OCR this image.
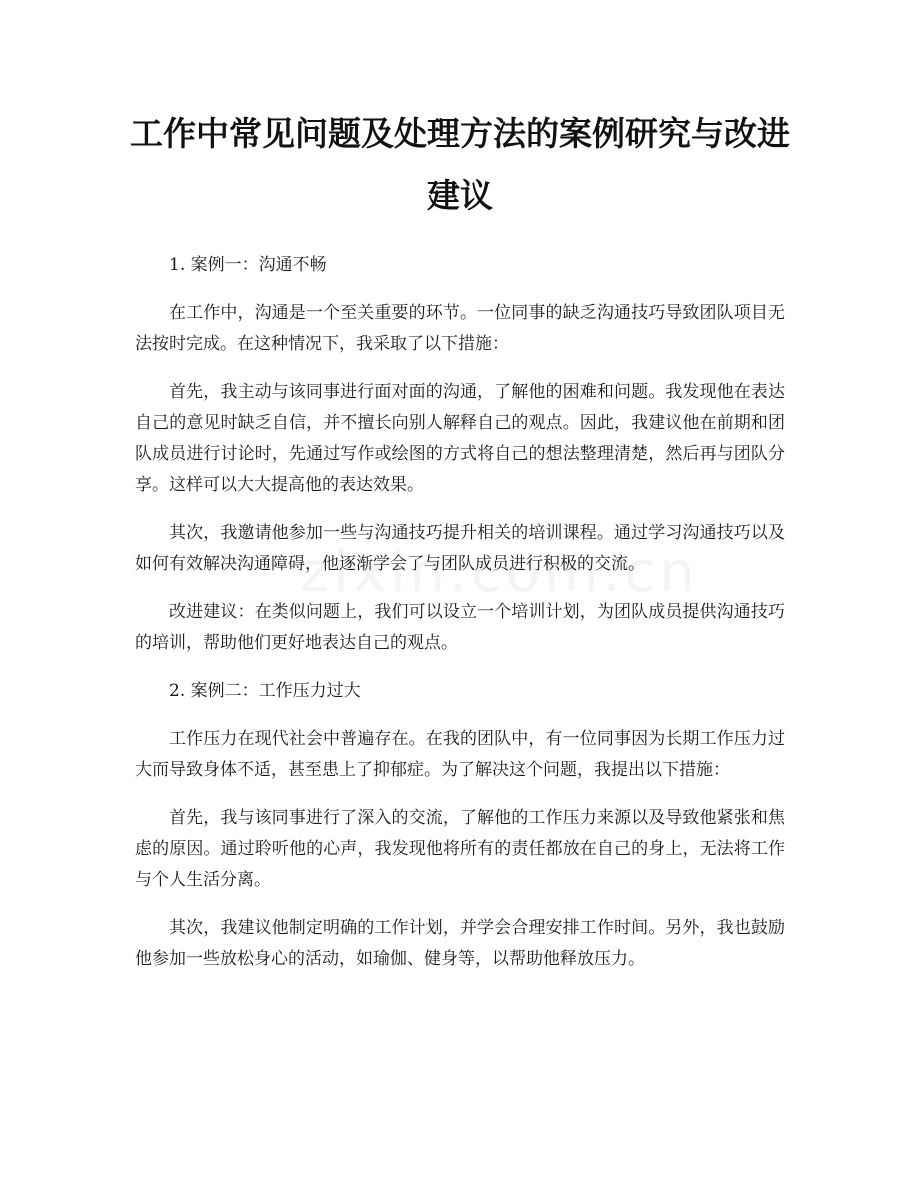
工作中常见问题及处理方法的案例研究与改进建议

1. 案例一：沟通不畅

在工作中，沟通是一个至关重要的环节。一位同事的缺乏沟通技巧导致团队项目无法按时完成。在这种情况下，我采取了以下措施：

首先，我主动与该同事进行面对面的沟通，了解他的困难和问题。我发现他在表达自己的意见时缺乏自信，并不擅长向别人解释自己的观点。因此，我建议他在前期和团队成员进行讨论时，先通过写作或绘图的方式将自己的想法整理清楚，然后再与团队分享。这样可以大大提高他的表达效果。

其次，我邀请他参加一些与沟通技巧提升相关的培训课程。通过学习沟通技巧以及如何有效解决沟通障碍，他逐渐学会了与团队成员进行积极的交流。

改进建议：在类似问题上，我们可以设立一个培训计划，为团队成员提供沟通技巧的培训，帮助他们更好地表达自己的观点。

2. 案例二：工作压力过大

工作压力在现代社会中普遍存在。在我的团队中，有一位同事因为长期工作压力过大而导致身体不适，甚至患上了抑郁症。为了解决这个问题，我提出以下措施：

首先，我与该同事进行了深入的交流，了解他的工作压力来源以及导致他紧张和焦虑的原因。通过聆听他的心声，我发现他将所有的责任都放在自己的身上，无法将工作与个人生活分离。

其次，我建议他制定明确的工作计划，并学会合理安排工作时间。另外，我也鼓励他参加一些放松身心的活动，如瑜伽、健身等，以帮助他释放压力。
